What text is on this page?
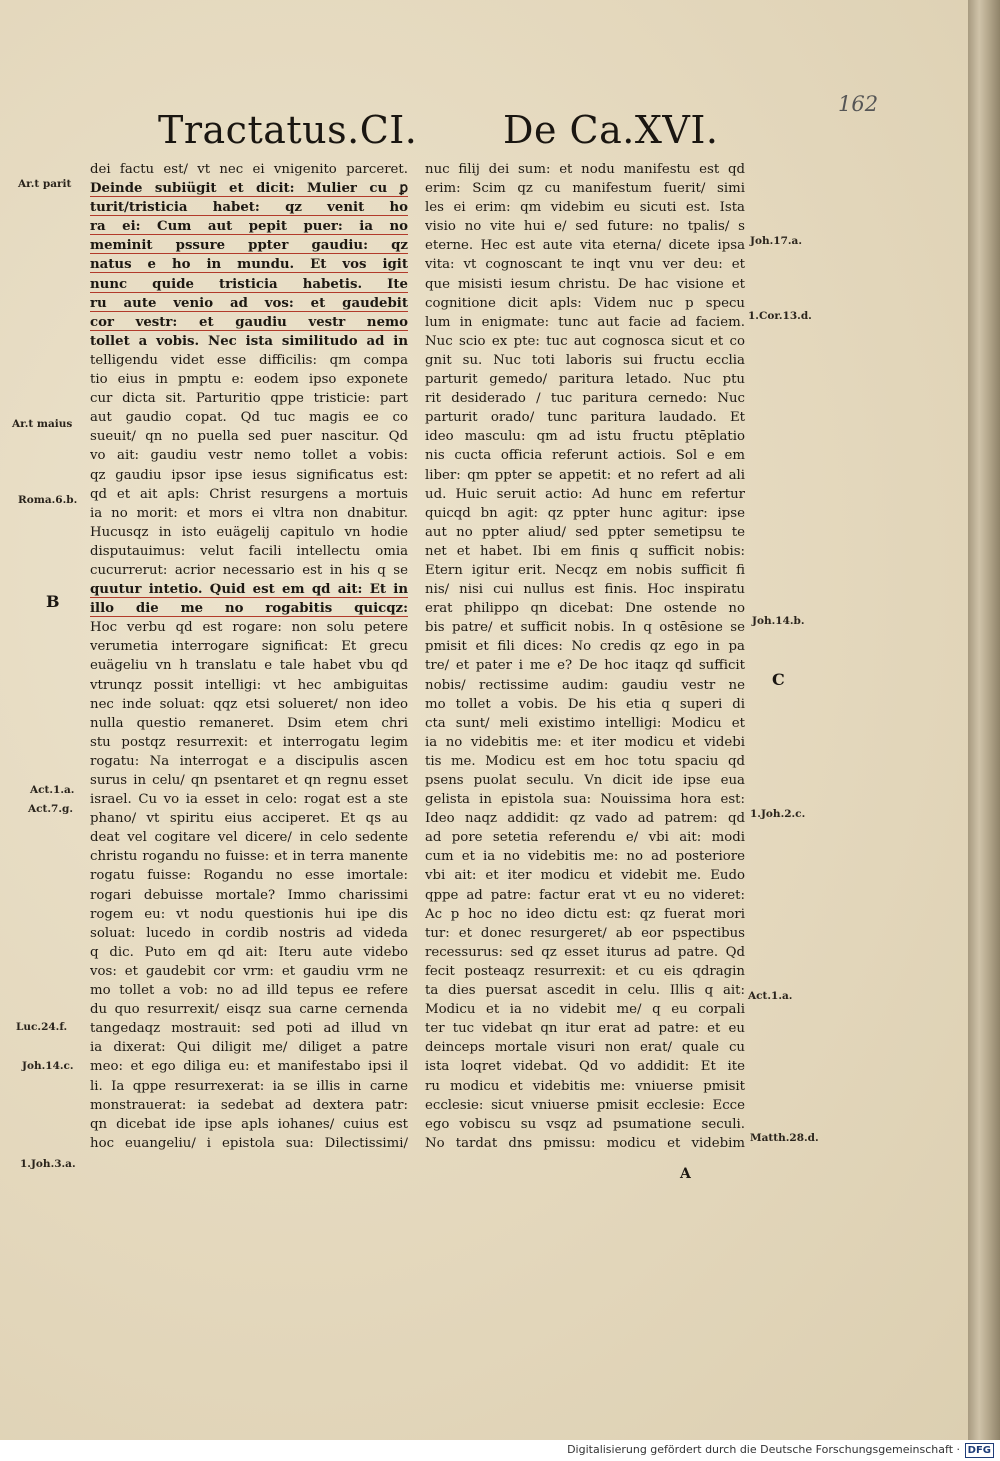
162
Tractatus.CI. De Ca.XVI.
dei factu est/ vt nec ei vnigenito parceret.
Deinde subiügit et dicit: Mulier cu ꝑ
turit/tristicia habet: qz venit ho
ra ei: Cum aut pepit puer: ia no
meminit pssure ppter gaudiu: qz
natus e ho in mundu. Et vos igit
nunc quide tristicia habetis. Ite
ru aute venio ad vos: et gaudebit
cor vestr: et gaudiu vestr nemo
tollet a vobis. Nec ista similitudo ad in
telligendu videt esse difficilis: qm compa
tio eius in pmptu e: eodem ipso exponete
cur dicta sit. Parturitio qppe tristicie: part
aut gaudio copat. Qd tuc magis ee co
sueuit/ qn no puella sed puer nascitur. Qd
vo ait: gaudiu vestr nemo tollet a vobis:
qz gaudiu ipsor ipse iesus significatus est:
qd et ait apls: Christ resurgens a mortuis
ia no morit: et mors ei vltra non dnabitur.
Hucusqz in isto euägelij capitulo vn hodie
disputauimus: velut facili intellectu omia
cucurrerut: acrior necessario est in his q se
quutur intetio. Quid est em qd ait: Et in
illo die me no rogabitis quicqz:
Hoc verbu qd est rogare: non solu petere
verumetia interrogare significat: Et grecu
euägeliu vn h translatu e tale habet vbu qd
vtrunqz possit intelligi: vt hec ambiguitas
nec inde soluat: qqz etsi solueret/ non ideo
nulla questio remaneret. Dsim etem chri
stu postqz resurrexit: et interrogatu legim
rogatu: Na interrogat e a discipulis ascen
surus in celu/ qn psentaret et qn regnu esset
israel. Cu vo ia esset in celo: rogat est a ste
phano/ vt spiritu eius acciperet. Et qs au
deat vel cogitare vel dicere/ in celo sedente
christu rogandu no fuisse: et in terra manente
rogatu fuisse: Rogandu no esse imortale:
rogari debuisse mortale? Immo charissimi
rogem eu: vt nodu questionis hui ipe dis
soluat: lucedo in cordib nostris ad videda
q dic. Puto em qd ait: Iteru aute videbo
vos: et gaudebit cor vrm: et gaudiu vrm ne
mo tollet a vob: no ad illd tepus ee refere
du quo resurrexit/ eisqz sua carne cernenda
tangedaqz mostrauit: sed poti ad illud vn
ia dixerat: Qui diligit me/ diliget a patre
meo: et ego diliga eu: et manifestabo ipsi il
li. Ia qppe resurrexerat: ia se illis in carne
monstrauerat: ia sedebat ad dextera patr:
qn dicebat ide ipse apls iohanes/ cuius est
hoc euangeliu/ i epistola sua: Dilectissimi/
nuc filij dei sum: et nodu manifestu est qd
erim: Scim qz cu manifestum fuerit/ simi
les ei erim: qm videbim eu sicuti est. Ista
visio no vite hui e/ sed future: no tpalis/ s
eterne. Hec est aute vita eterna/ dicete ipsa
vita: vt cognoscant te inqt vnu ver deu: et
que misisti iesum christu. De hac visione et
cognitione dicit apls: Videm nuc p specu
lum in enigmate: tunc aut facie ad faciem.
Nuc scio ex pte: tuc aut cognosca sicut et co
gnit su. Nuc toti laboris sui fructu ecclia
parturit gemedo/ paritura letado. Nuc ptu
rit desiderado / tuc paritura cernedo: Nuc
parturit orado/ tunc paritura laudado. Et
ideo masculu: qm ad istu fructu ptēplatio
nis cucta officia referunt actiois. Sol e em
liber: qm ppter se appetit: et no refert ad ali
ud. Huic seruit actio: Ad hunc em refertur
quicqd bn agit: qz ppter hunc agitur: ipse
aut no ppter aliud/ sed ppter semetipsu te
net et habet. Ibi em finis q sufficit nobis:
Etern igitur erit. Necqz em nobis sufficit fi
nis/ nisi cui nullus est finis. Hoc inspiratu
erat philippo qn dicebat: Dne ostende no
bis patre/ et sufficit nobis. In q ostēsione se
pmisit et fili dices: No credis qz ego in pa
tre/ et pater i me e? De hoc itaqz qd sufficit
nobis/ rectissime audim: gaudiu vestr ne
mo tollet a vobis. De his etia q superi di
cta sunt/ meli existimo intelligi: Modicu et
ia no videbitis me: et iter modicu et videbi
tis me. Modicu est em hoc totu spaciu qd
psens puolat seculu. Vn dicit ide ipse eua
gelista in epistola sua: Nouissima hora est:
Ideo naqz addidit: qz vado ad patrem: qd
ad pore setetia referendu e/ vbi ait: modi
cum et ia no videbitis me: no ad posteriore
vbi ait: et iter modicu et videbit me. Eudo
qppe ad patre: factur erat vt eu no videret:
Ac p hoc no ideo dictu est: qz fuerat mori
tur: et donec resurgeret/ ab eor pspectibus
recessurus: sed qz esset iturus ad patre. Qd
fecit posteaqz resurrexit: et cu eis qdragin
ta dies puersat ascedit in celu. Illis q ait:
Modicu et ia no videbit me/ q eu corpali
ter tuc videbat qn itur erat ad patre: et eu
deinceps mortale visuri non erat/ quale cu
ista loqret videbat. Qd vo addidit: Et ite
ru modicu et videbitis me: vniuerse pmisit
ecclesie: sicut vniuerse pmisit ecclesie: Ecce
ego vobiscu su vsqz ad psumatione seculi.
No tardat dns pmissu: modicu et videbim
Ar.t parit
Ar.t maius
Roma.6.b.
B
Act.1.a.
Act.7.g.
Luc.24.f.
Joh.14.c.
1.Joh.3.a.
Joh.17.a.
1.Cor.13.d.
Joh.14.b.
C
1.Joh.2.c.
Act.1.a.
Matth.28.d.
A
Digitalisierung gefördert durch die Deutsche Forschungsgemeinschaft · DFG
